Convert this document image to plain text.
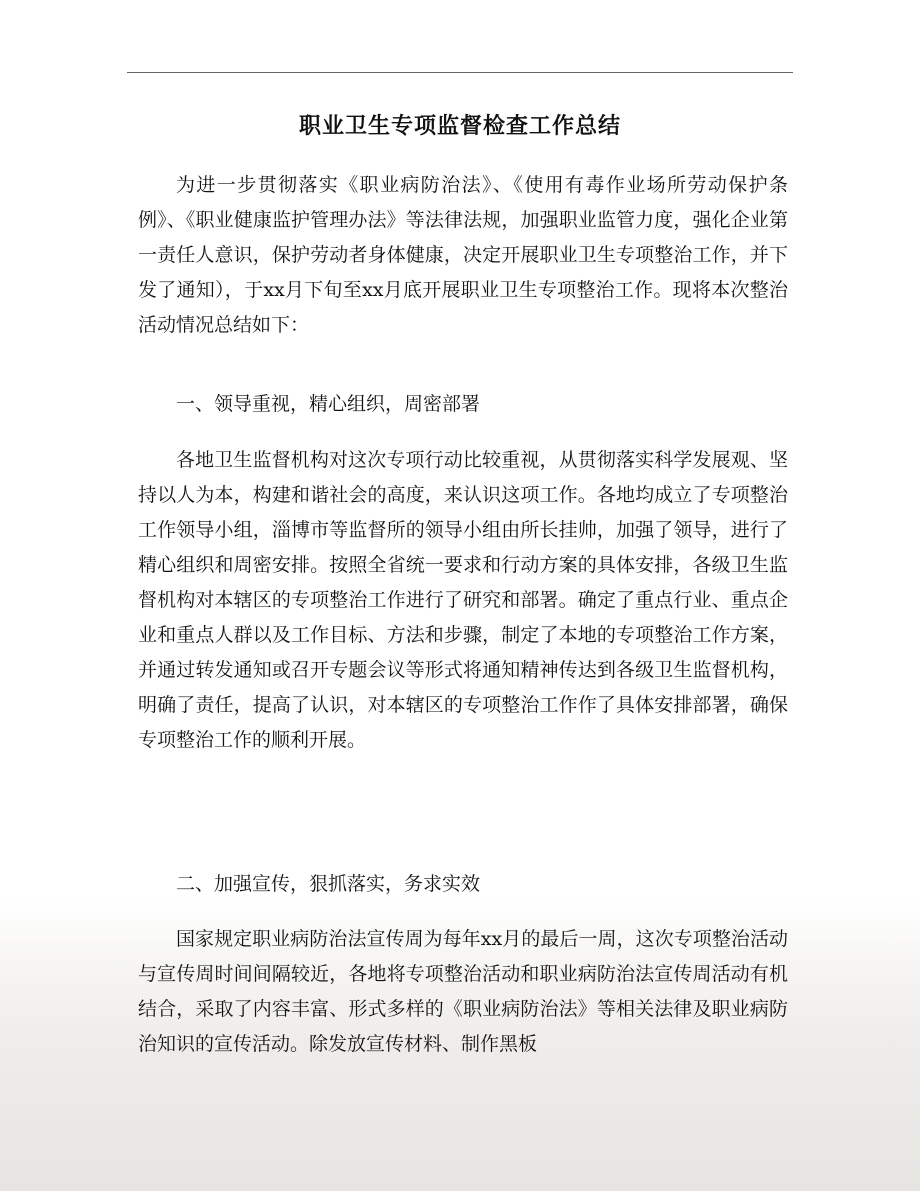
职业卫生专项监督检查工作总结

为进一步贯彻落实《职业病防治法》、《使用有毒作业场所劳动保护条例》、《职业健康监护管理办法》等法律法规，加强职业监管力度，强化企业第一责任人意识，保护劳动者身体健康，决定开展职业卫生专项整治工作，并下发了通知），于xx月下旬至xx月底开展职业卫生专项整治工作。现将本次整治活动情况总结如下：

一、领导重视，精心组织，周密部署

各地卫生监督机构对这次专项行动比较重视，从贯彻落实科学发展观、坚持以人为本，构建和谐社会的高度，来认识这项工作。各地均成立了专项整治工作领导小组，淄博市等监督所的领导小组由所长挂帅，加强了领导，进行了精心组织和周密安排。按照全省统一要求和行动方案的具体安排，各级卫生监督机构对本辖区的专项整治工作进行了研究和部署。确定了重点行业、重点企业和重点人群以及工作目标、方法和步骤，制定了本地的专项整治工作方案，并通过转发通知或召开专题会议等形式将通知精神传达到各级卫生监督机构，明确了责任，提高了认识，对本辖区的专项整治工作作了具体安排部署，确保专项整治工作的顺利开展。

二、加强宣传，狠抓落实，务求实效

国家规定职业病防治法宣传周为每年xx月的最后一周，这次专项整治活动与宣传周时间间隔较近，各地将专项整治活动和职业病防治法宣传周活动有机结合，采取了内容丰富、形式多样的《职业病防治法》等相关法律及职业病防治知识的宣传活动。除发放宣传材料、制作黑板
